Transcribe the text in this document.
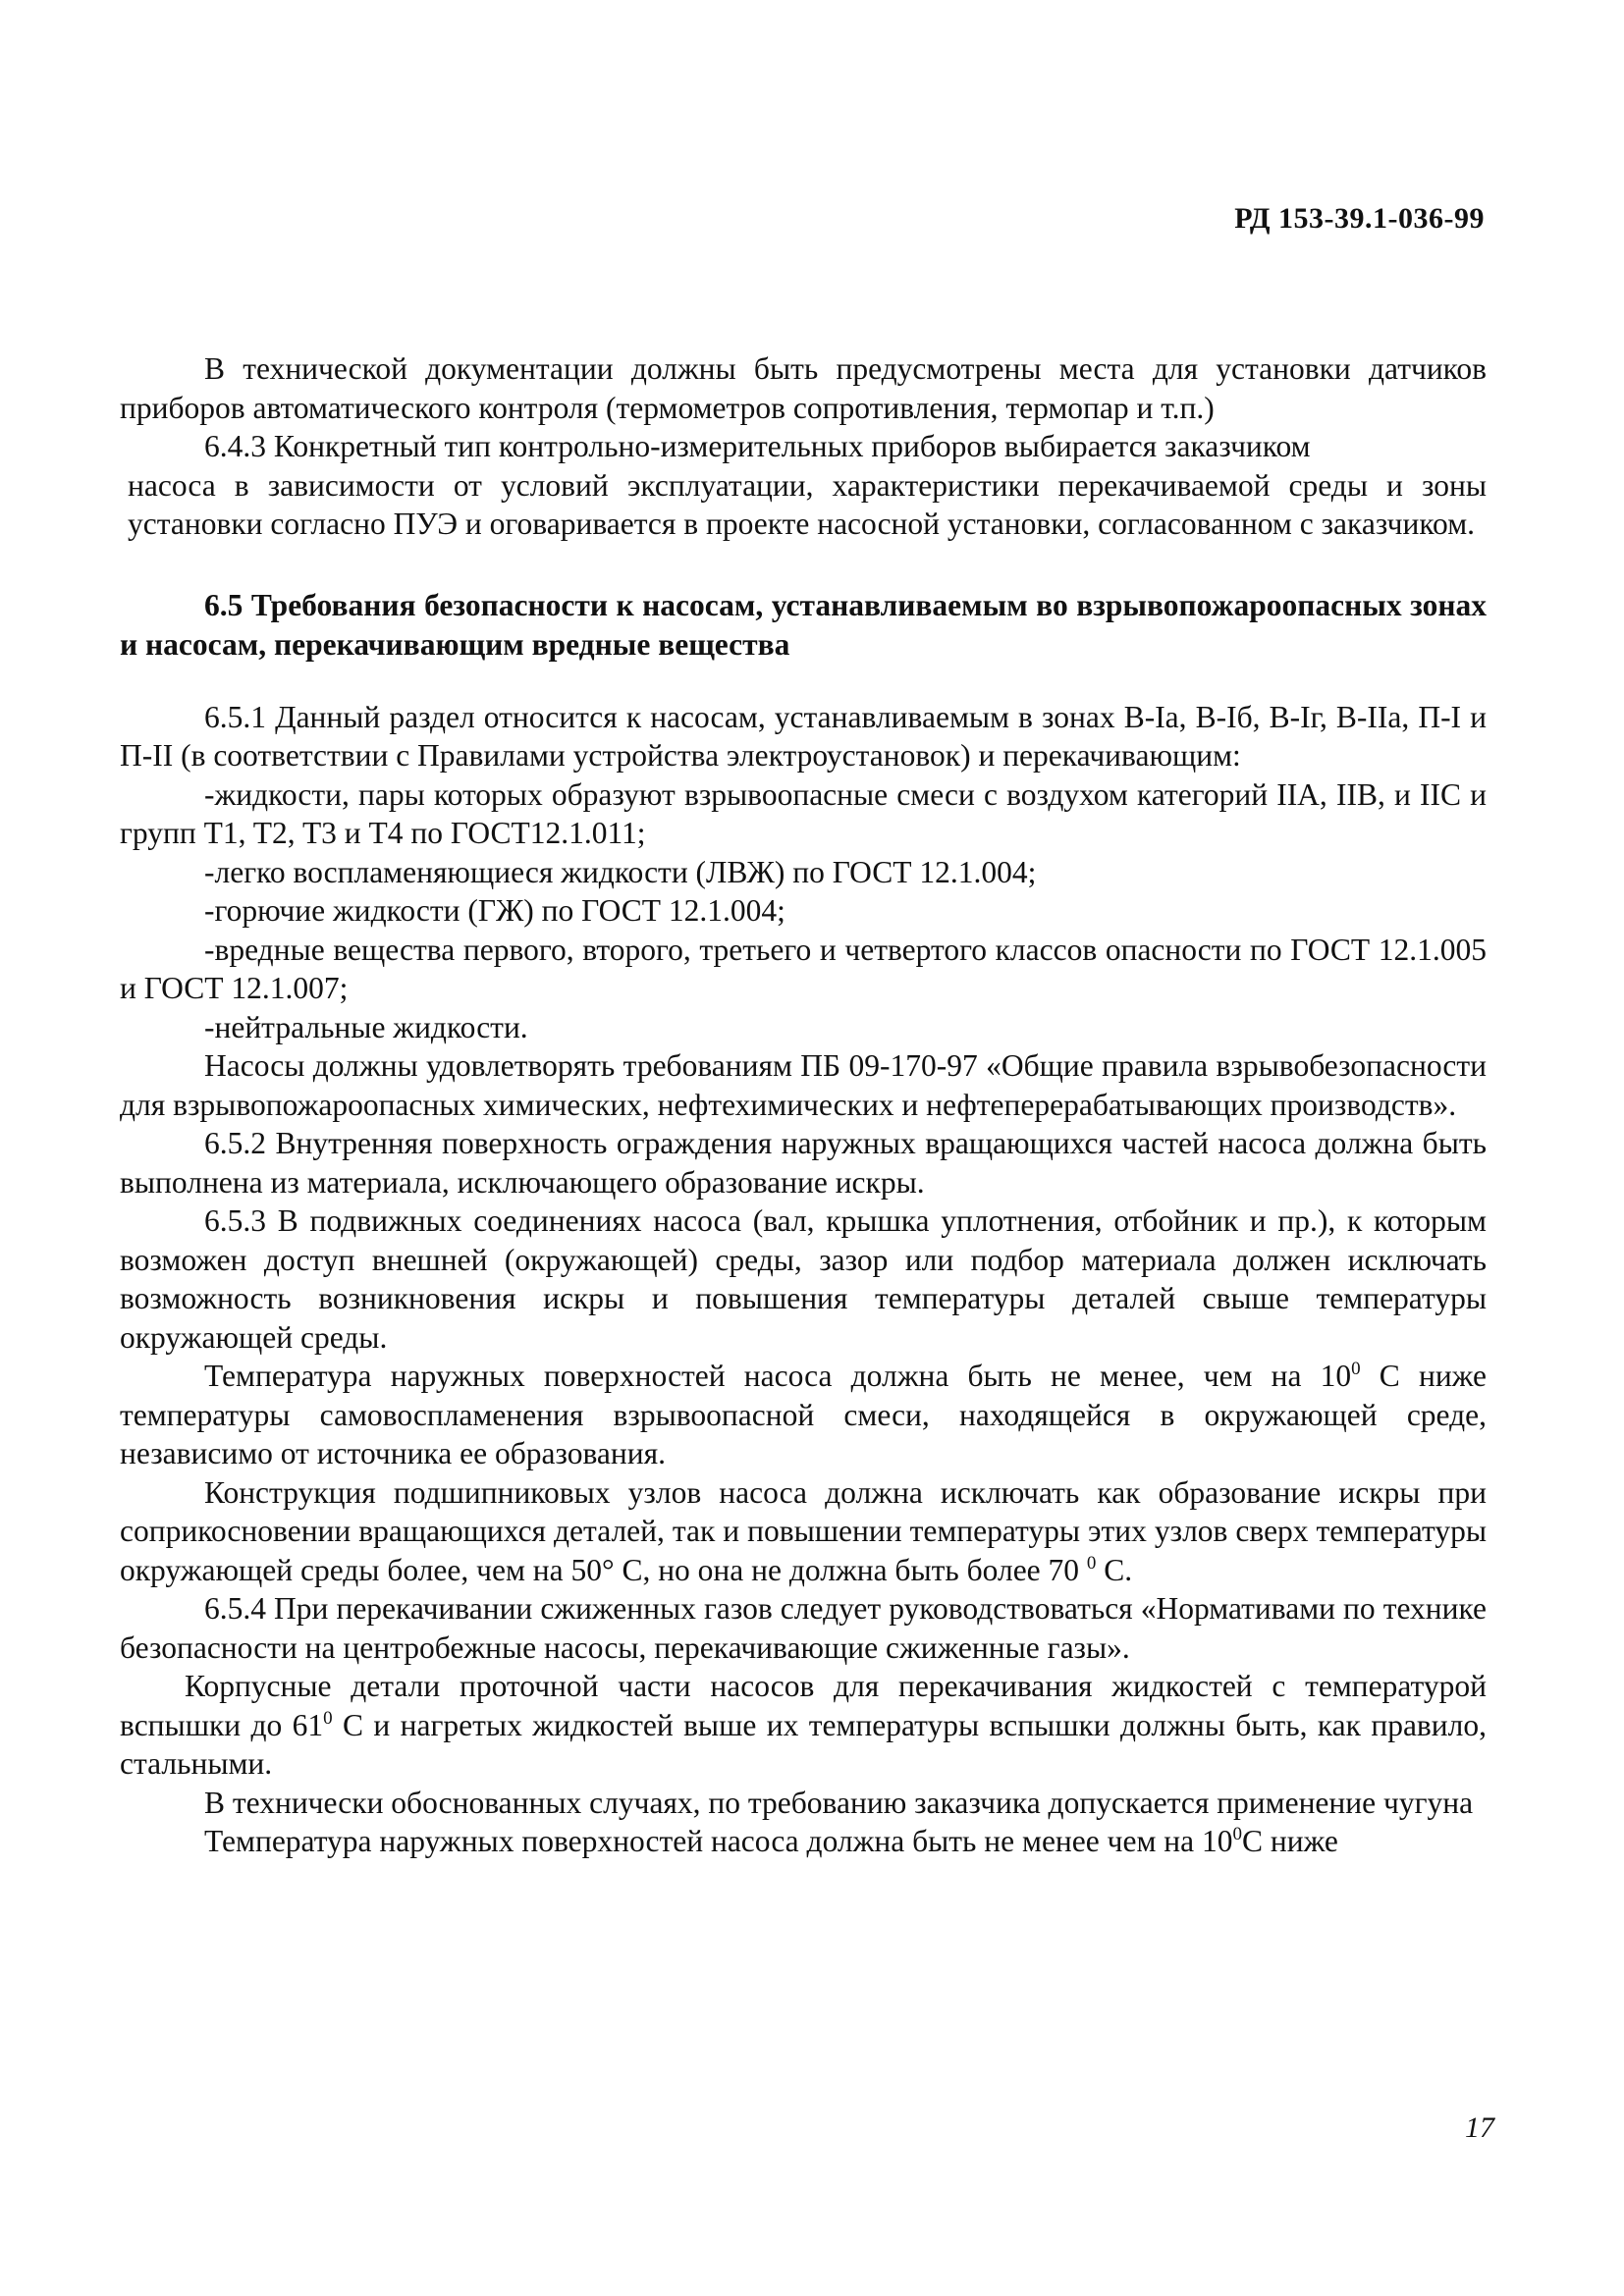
РД 153-39.1-036-99

В технической документации должны быть предусмотрены места для установки датчиков приборов автоматического контроля (термометров сопротивления, термопар и т.п.)

6.4.3 Конкретный тип контрольно-измерительных приборов выбирается заказчиком

насоса в зависимости от условий эксплуатации, характеристики перекачиваемой среды и зоны установки согласно ПУЭ и оговаривается в проекте насосной установки, согласованном с заказчиком.

6.5 Требования безопасности к насосам, устанавливаемым во взрывопожароопасных зонах и насосам, перекачивающим вредные вещества

6.5.1 Данный раздел относится к насосам, устанавливаемым в зонах В-Ia, В-Iб, В-Iг, В-IIa, П-I и П-II (в соответствии с Правилами устройства электроустановок) и перекачивающим:

-жидкости, пары которых образуют взрывоопасные смеси с воздухом категорий IIA, IIB, и IIC и групп T1, T2, T3 и T4 по ГОСТ12.1.011;

-легко воспламеняющиеся жидкости (ЛВЖ) по ГОСТ 12.1.004;

-горючие жидкости (ГЖ) по ГОСТ 12.1.004;

-вредные вещества первого, второго, третьего и четвертого классов опасности по ГОСТ 12.1.005 и ГОСТ 12.1.007;

-нейтральные жидкости.

Насосы должны удовлетворять требованиям ПБ 09-170-97 «Общие правила взрывобезопасности для взрывопожароопасных химических, нефтехимических и нефтеперерабатывающих производств».

6.5.2 Внутренняя поверхность ограждения наружных вращающихся частей насоса должна быть выполнена из материала, исключающего образование искры.

6.5.3 В подвижных соединениях насоса (вал, крышка уплотнения, отбойник и пр.), к которым возможен доступ внешней (окружающей) среды, зазор или подбор материала должен исключать возможность возникновения искры и повышения температуры деталей свыше температуры окружающей среды.

Температура наружных поверхностей насоса должна быть не менее, чем на $10^0$ С ниже температуры самовоспламенения взрывоопасной смеси, находящейся в окружающей среде, независимо от источника ее образования.

Конструкция подшипниковых узлов насоса должна исключать как образование искры при соприкосновении вращающихся деталей, так и повышении температуры этих узлов сверх температуры окружающей среды более, чем на 50° С, но она не должна быть более 70 $^0$ С.

6.5.4 При перекачивании сжиженных газов следует руководствоваться «Нормативами по технике безопасности на центробежные насосы, перекачивающие сжиженные газы».

Корпусные детали проточной части насосов для перекачивания жидкостей с температурой вспышки до $61^0$ С и нагретых жидкостей выше их температуры вспышки должны быть, как правило, стальными.

В технически обоснованных случаях, по требованию заказчика допускается применение чугуна

Температура наружных поверхностей насоса должна быть не менее чем на $10^0С$ ниже

17
